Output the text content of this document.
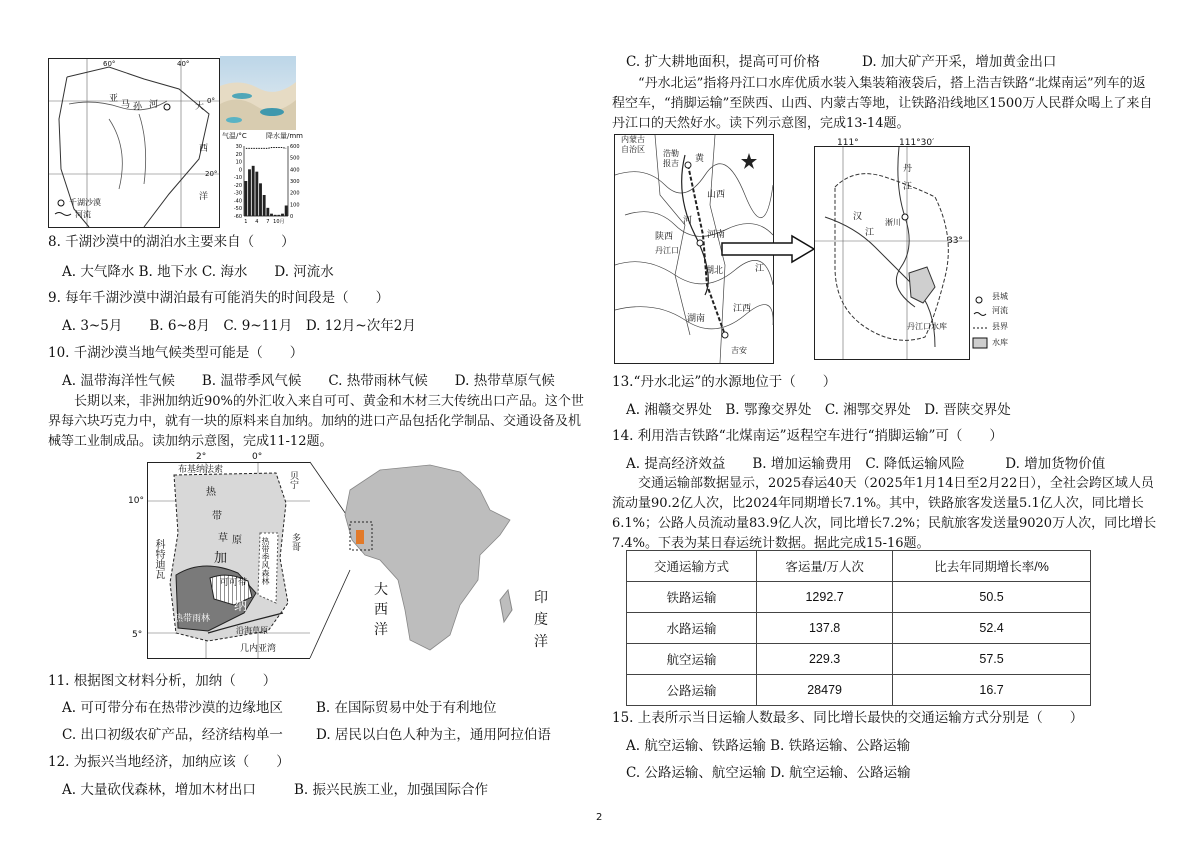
60°	40°
0°
20°
亚
马 孙 河	大
西
洋
千湖沙漠
河流
30
20
10
0
-10
-20
-30
-40
-50
-60
600
500
400
300
200
100
0
1 4 7 10月
气温/°C	降水量/mm
8. 千湖沙漠中的湖泊水主要来自（　　）
A. 大气降水 B. 地下水 C. 海水　　D. 河流水
9. 每年千湖沙漠中湖泊最有可能消失的时间段是（　　）
A. 3~5月　　B. 6~8月　C. 9~11月　D. 12月~次年2月
10. 千湖沙漠当地气候类型可能是（　　）
A. 温带海洋性气候　　B. 温带季风气候　　C. 热带雨林气候　　D. 热带草原气候
长期以来，非洲加纳近90%的外汇收入来自可可、黄金和木材三大传统出口产品。这个世界每六块巧克力中，就有一块的原料来自加纳。加纳的进口产品包括化学制品、交通设备及机械等工业制成品。读加纳示意图，完成11-12题。
2°	0°
10°
5°
布基纳法索
贝宁
多哥
科特迪瓦
热
带
草 原
加
纳
可可带 热带季风森林
热带雨林
沿海草原
几内亚湾
大
西
洋
印
度
洋
11. 根据图文材料分析，加纳（　　）
A. 可可带分布在热带沙漠的边缘地区 B. 在国际贸易中处于有利地位
C. 出口初级农矿产品，经济结构单一 D. 居民以白色人种为主，通用阿拉伯语
12. 为振兴当地经济，加纳应该（　　）
A. 大量砍伐森林，增加木材出口	B. 振兴民族工业，加强国际合作
C. 扩大耕地面积，提高可可价格	D. 加大矿产开采，增加黄金出口
“丹水北运”指将丹江口水库优质水装入集装箱液袋后，搭上浩吉铁路“北煤南运”列车的返程空车，“捎脚运输”至陕西、山西、内蒙古等地，让铁路沿线地区1500万人民群众喝上了来自丹江口的天然好水。读下列示意图，完成13-14题。
内蒙古
自治区 浩勒
报吉 黄
山西
河
陕西	河南
丹江口
湖北	江
江西
湖南
吉安
111°	111°30′
33°
丹
江
汉
江
淅川
丹江口水库
县城
河流
县界
水库
13.“丹水北运”的水源地位于（　　）
A. 湘赣交界处　B. 鄂豫交界处　C. 湘鄂交界处　D. 晋陕交界处
14. 利用浩吉铁路“北煤南运”返程空车进行“捎脚运输”可（　　）
A. 提高经济效益　　B. 增加运输费用　C. 降低运输风险　　　D. 增加货物价值
交通运输部数据显示，2025春运40天（2025年1月14日至2月22日），全社会跨区域人员流动量90.2亿人次，比2024年同期增长7.1%。其中，铁路旅客发送量5.1亿人次，同比增长6.1%；公路人员流动量83.9亿人次，同比增长7.2%；民航旅客发送量9020万人次，同比增长7.4%。下表为某日春运统计数据。据此完成15-16题。
交通运输方式	客运量/万人次	比去年同期增长率/%
铁路运输	1292.7	50.5
水路运输	137.8	52.4
航空运输	229.3	57.5
公路运输	28479	16.7
15. 上表所示当日运输人数最多、同比增长最快的交通运输方式分别是（　　）
A. 航空运输、铁路运输 B. 铁路运输、公路运输
C. 公路运输、航空运输 D. 航空运输、公路运输
2
